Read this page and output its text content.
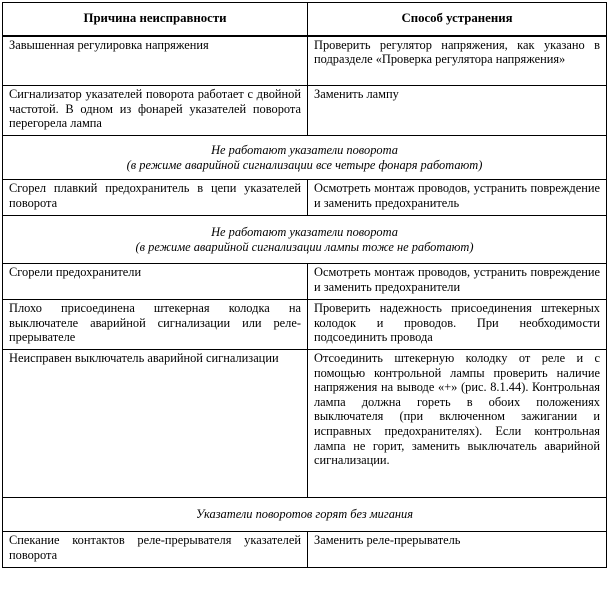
Причина неисправности	Способ устранения
Завышенная регулировка напряжения	Проверить регулятор напряжения, как указано в подразделе «Проверка регулятора напряжения»
Сигнализатор указателей поворота работает с двойной частотой. В одном из фонарей указателей поворота перегорела лампа	Заменить лампу

Не работают указатели поворота
(в режиме аварийной сигнализации все четыре фонаря работают)	

Сгорел плавкий предохранитель в цепи указателей поворота	Осмотреть монтаж проводов, устранить повреждение и заменить предохранитель

Не работают указатели поворота
(в режиме аварийной сигнализации лампы тоже не работают)	

Сгорели предохранители	Осмотреть монтаж проводов, устранить повреждение и заменить предохранители
Плохо присоединена штекерная колодка на выключателе аварийной сигнализации или реле-прерывателе	Проверить надежность присоединения штекерных колодок и проводов. При необходимости подсоединить провода
Неисправен выключатель аварийной сигнализации	Отсоединить штекерную колодку от реле и с помощью контрольной лампы проверить наличие напряжения на выводе «+» (рис. 8.1.44). Контрольная лампа должна гореть в обоих положениях выключателя (при включенном зажигании и исправных предохранителях). Если контрольная лампа не горит, заменить выключатель аварийной сигнализации.

Указатели поворотов горят без мигания	

Спекание контактов реле-прерывателя указателей поворота	Заменить реле-прерыватель
